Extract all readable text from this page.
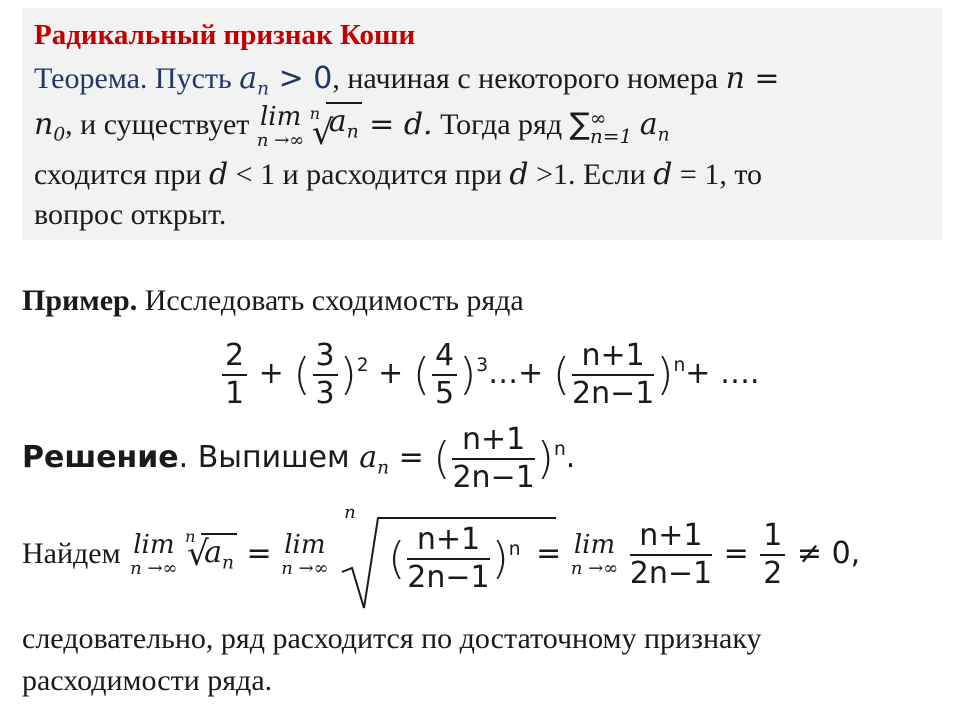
Радикальный признак Коши
Теорема. Пусть $a_n > 0$, начиная с некоторого номера n =
$n_0$, и существует lim
n →∞

n √ $a_n = d$. Тогда ряд ∑ ∞
n=1 $a_n$
сходится при d < 1 и расходится при d >1. Если d = 1, то
вопрос открыт.
Пример. Исследовать сходимость ряда
$\frac{2}{1}$ + ( $\frac{3}{3} )^2$ + ( $\frac{4}{5}$ )$^3$…+ ( $\frac{n+1}{2n-1} )^n+$ ….
Решение. Выпишем $a_n$ = ( $\frac{n+1}{2n-1} )^n$.
Найдем lim
n →∞

n √ $a_n = \lim$
n →∞

n
( $\frac{n+1}{2n-1} )^n = \lim$
n →∞
$\frac{n+1}{2n-1} = \frac{1}{2} \ne 0$,
следовательно, ряд расходится по достаточному признаку
расходимости ряда.
